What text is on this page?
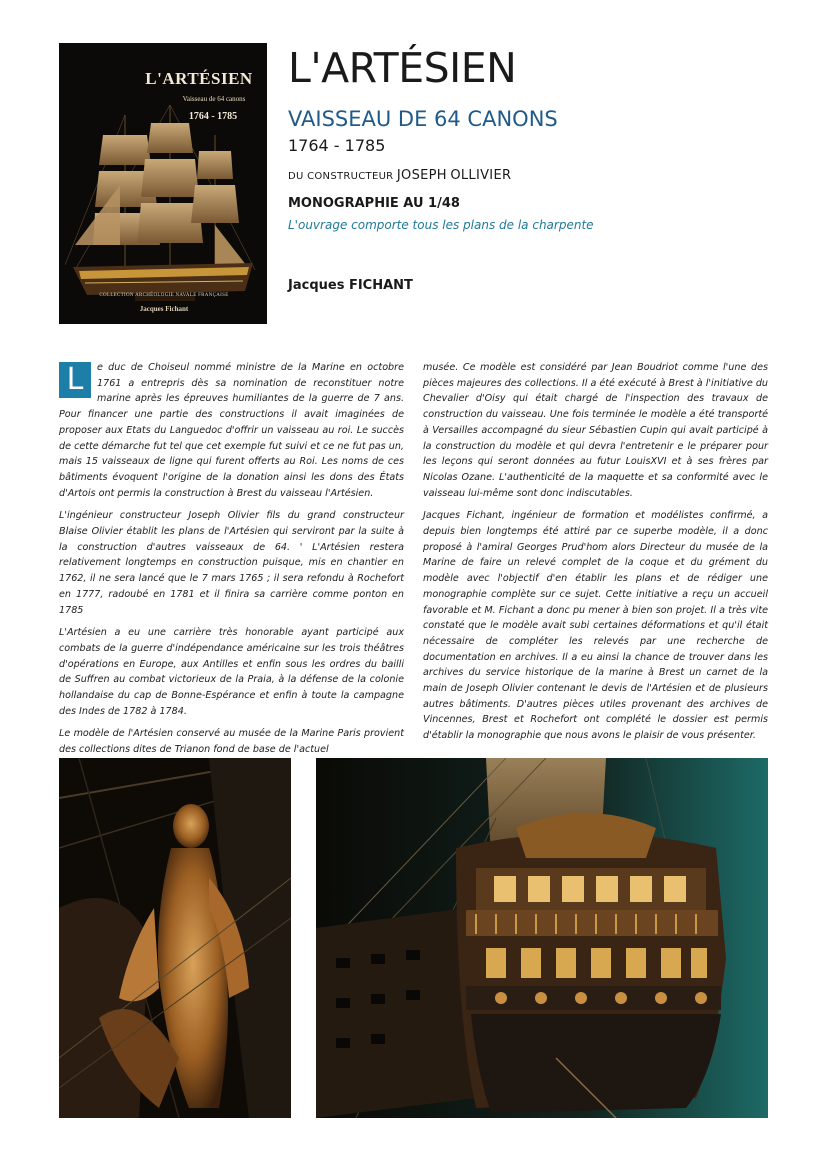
L'ARTÉSIEN
Vaisseau de 64 canons
1764 - 1785
COLLECTION ARCHÉOLOGIE NAVALE FRANÇAISE
Jacques Fichant
L'ARTÉSIEN
VAISSEAU DE 64 CANONS
1764 - 1785
DU CONSTRUCTEUR JOSEPH OLLIVIER
MONOGRAPHIE AU 1/48
L'ouvrage comporte tous les plans de la charpente
Jacques FICHANT

L	e duc de Choiseul nommé ministre de la Marine en octobre 1761 a entrepris dès sa nomination de reconstituer notre marine après les épreuves humiliantes de la guerre de 7 ans. Pour financer une partie des constructions il avait imaginées de proposer aux Etats du Languedoc d'offrir un vaisseau au roi. Le succès de cette démarche fut tel que cet exemple fut suivi et ce ne fut pas un, mais 15 vaisseaux de ligne qui furent offerts au Roi. Les noms de ces bâtiments évoquent l'origine de la donation ainsi les dons des États d'Artois ont permis la construction à Brest du vaisseau l'Artésien.

L'ingénieur constructeur Joseph Olivier fils du grand constructeur Blaise Olivier établit les plans de l'Artésien qui serviront par la suite à la construction d'autres vaisseaux de 64. ' L'Artésien restera relativement longtemps en construction puisque, mis en chantier en 1762, il ne sera lancé que le 7 mars 1765 ; il sera refondu à Rochefort en 1777, radoubé en 1781 et il finira sa carrière comme ponton en 1785

L'Artésien a eu une carrière très honorable ayant participé aux combats de la guerre d'indépendance américaine sur les trois théâtres d'opérations en Europe, aux Antilles et enfin sous les ordres du bailli de Suffren au combat victorieux de la Praia, à la défense de la colonie hollandaise du cap de Bonne-Espérance et enfin à toute la campagne des Indes de 1782 à 1784.

Le modèle de l'Artésien conservé au musée de la Marine Paris provient des collections dites de Trianon fond de base de l'actuel

musée. Ce modèle est considéré par Jean Boudriot comme l'une des pièces majeures des collections. Il a été exécuté à Brest à l'initiative du Chevalier d'Oisy qui était chargé de l'inspection des travaux de construction du vaisseau. Une fois terminée le modèle a été transporté à Versailles accompagné du sieur Sébastien Cupin qui avait participé à la construction du modèle et qui devra l'entretenir e le préparer pour les leçons qui seront données au futur LouisXVI et à ses frères par Nicolas Ozane. L'authenticité de la maquette et sa conformité avec le vaisseau lui-même sont donc indiscutables.

Jacques Fichant, ingénieur de formation et modélistes confirmé, a depuis bien longtemps été attiré par ce superbe modèle, il a donc proposé à l'amiral Georges Prud'hom alors Directeur du musée de la Marine de faire un relevé complet de la coque et du grément du modèle avec l'objectif d'en établir les plans et de rédiger une monographie complète sur ce sujet. Cette initiative a reçu un accueil favorable et M. Fichant a donc pu mener à bien son projet. Il a très vite constaté que le modèle avait subi certaines déformations et qu'il était nécessaire de compléter les relevés par une recherche de documentation en archives. Il a eu ainsi la chance de trouver dans les archives du service historique de la marine à Brest un carnet de la main de Joseph Olivier contenant le devis de l'Artésien et de plusieurs autres bâtiments. D'autres pièces utiles provenant des archives de Vincennes, Brest et Rochefort ont complété le dossier est permis d'établir la monographie que nous avons le plaisir de vous présenter.
